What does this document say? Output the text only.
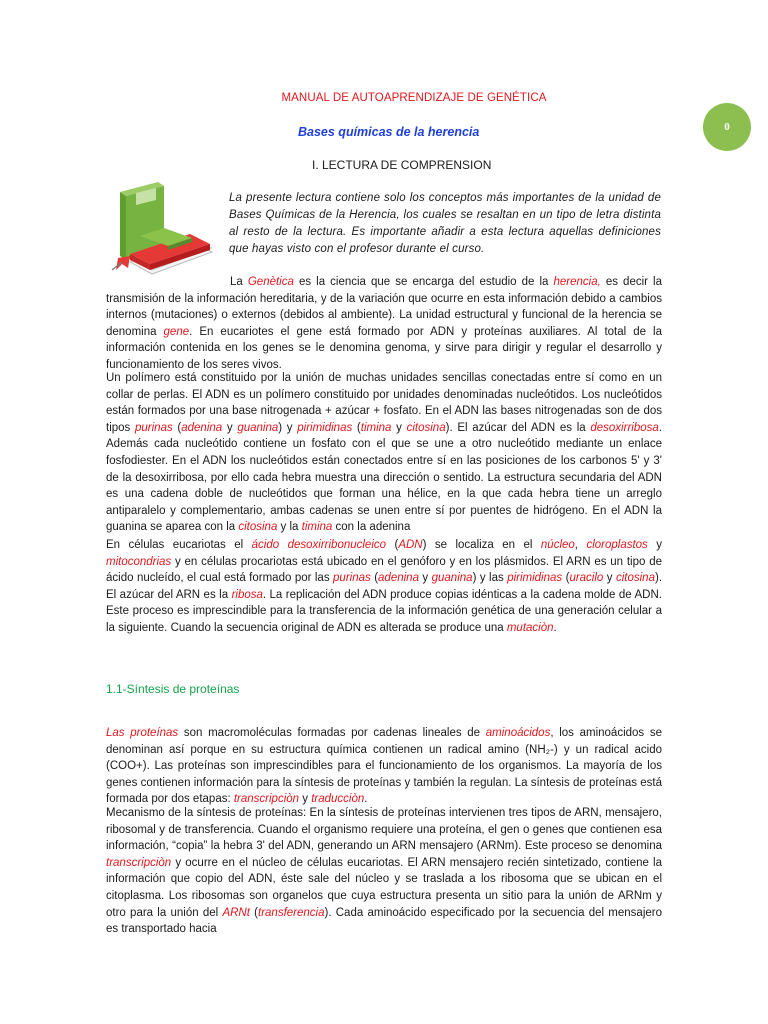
0
MANUAL DE AUTOAPRENDIZAJE DE GENÉTICA
Bases químicas de la herencia
I. LECTURA DE COMPRENSION
La presente lectura contiene solo los conceptos más importantes de la unidad de Bases Químicas de la Herencia, los cuales se resaltan en un tipo de letra distinta al resto de la lectura. Es importante añadir a esta lectura aquellas definiciones que hayas visto con el profesor durante el curso.

La Genètica es la ciencia que se encarga del estudio de la herencia, es decir la transmisión de la información hereditaria, y de la variación que ocurre en esta información debido a cambios internos (mutaciones) o externos (debidos al ambiente). La unidad estructural y funcional de la herencia se denomina gene. En eucariotes el gene está formado por ADN y proteínas auxiliares. Al total de la información contenida en los genes se le denomina genoma, y sirve para dirigir y regular el desarrollo y funcionamiento de los seres vivos.

Un polímero está constituido por la unión de muchas unidades sencillas conectadas entre sí como en un collar de perlas. El ADN es un polímero constituido por unidades denominadas nucleótidos. Los nucleótidos están formados por una base nitrogenada + azúcar + fosfato. En el ADN las bases nitrogenadas son de dos tipos purinas (adenina y guanina) y pirimidinas (timina y citosina). El azúcar del ADN es la desoxirribosa. Además cada nucleótido contiene un fosfato con el que se une a otro nucleótido mediante un enlace fosfodiester. En el ADN los nucleótidos están conectados entre sí en las posiciones de los carbonos 5' y 3' de la desoxirribosa, por ello cada hebra muestra una dirección o sentido. La estructura secundaria del ADN es una cadena doble de nucleótidos que forman una hélice, en la que cada hebra tiene un arreglo antiparalelo y complementario, ambas cadenas se unen entre sí por puentes de hidrógeno. En el ADN la guanina se aparea con la citosina y la timina con la adenina

En células eucariotas el ácido desoxirribonucleico (ADN) se localiza en el núcleo, cloroplastos y mitocondrias y en células procariotas está ubicado en el genóforo y en los plásmidos. El ARN es un tipo de ácido nucleído, el cual está formado por las purinas (adenina y guanina) y las pirimidinas (uracilo y citosina). El azúcar del ARN es la ribosa. La replicación del ADN produce copias idénticas a la cadena molde de ADN. Este proceso es imprescindible para la transferencia de la información genética de una generación celular a la siguiente. Cuando la secuencia original de ADN es alterada se produce una mutaciòn.

1.1-Síntesis de proteínas

Las proteínas son macromoléculas formadas por cadenas lineales de aminoácidos, los aminoácidos se denominan así porque en su estructura química contienen un radical amino (NH₂-) y un radical acido (COO+). Las proteínas son imprescindibles para el funcionamiento de los organismos. La mayoría de los genes contienen información para la síntesis de proteínas y también la regulan. La síntesis de proteínas está formada por dos etapas: transcripciòn y traducciòn.

Mecanismo de la síntesis de proteínas: En la síntesis de proteínas intervienen tres tipos de ARN, mensajero, ribosomal y de transferencia. Cuando el organismo requiere una proteína, el gen o genes que contienen esa información, “copia” la hebra 3' del ADN, generando un ARN mensajero (ARNm). Este proceso se denomina transcripciòn y ocurre en el núcleo de células eucariotas. El ARN mensajero recién sintetizado, contiene la información que copio del ADN, éste sale del núcleo y se traslada a los ribosoma que se ubican en el citoplasma. Los ribosomas son organelos que cuya estructura presenta un sitio para la unión de ARNm y otro para la unión del ARNt (transferencia). Cada aminoácido especificado por la secuencia del mensajero es transportado hacia
